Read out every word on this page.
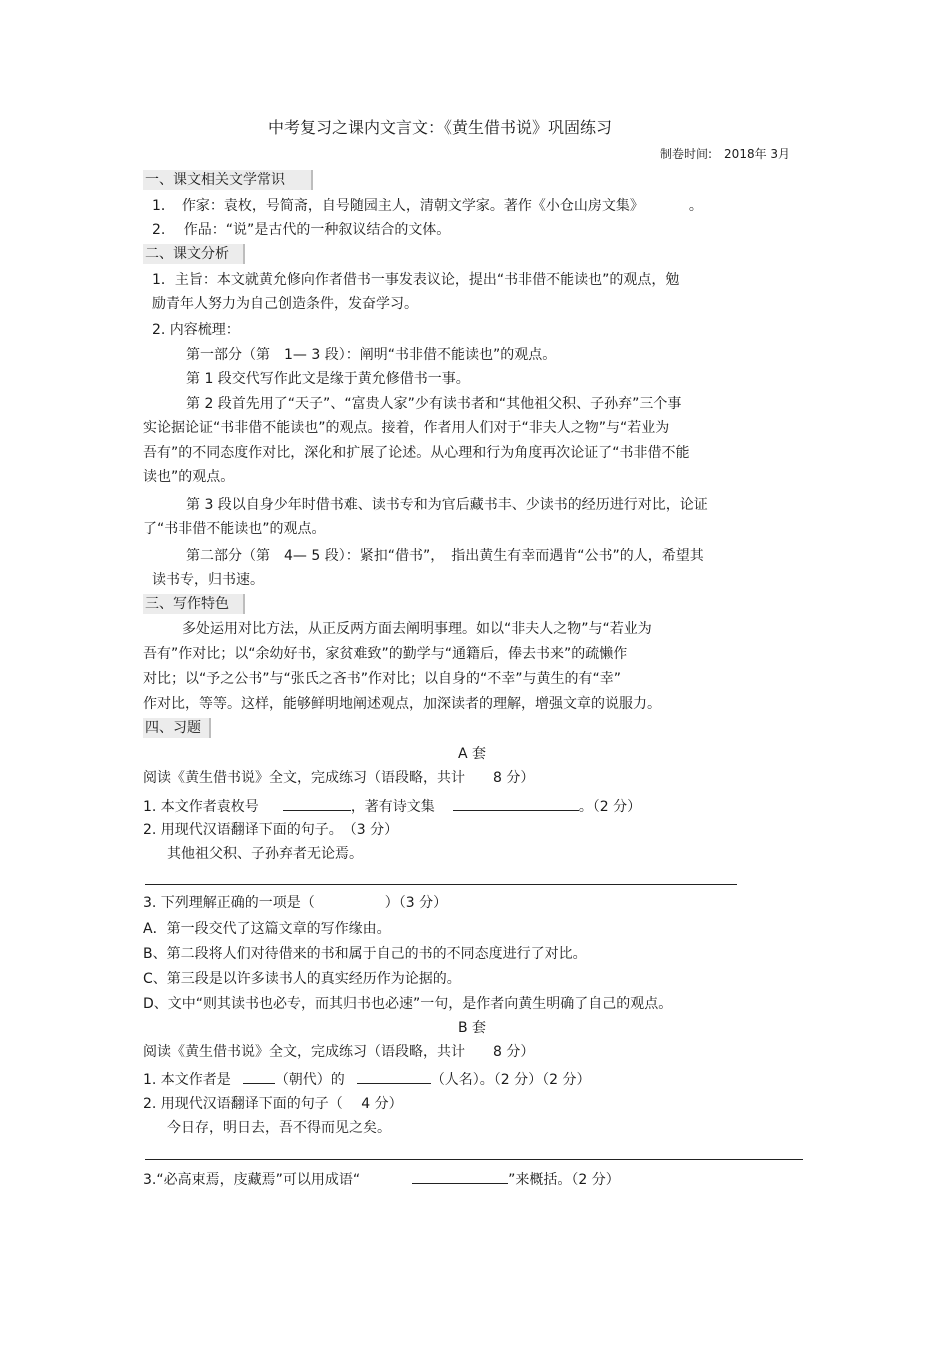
中考复习之课内文言文：《黄生借书说》巩固练习
制卷时间:　2018年 3月
一、课文相关文学常识
1．　作家：袁枚，号简斋，自号随园主人，清朝文学家。著作《小仓山房文集》	。
2.　 作品：“说”是古代的一种叙议结合的文体。
二、课文分析
1．主旨：本文就黄允修向作者借书一事发表议论，提出“书非借不能读也”的观点，勉
励青年人努力为自己创造条件，发奋学习。
2. 内容梳理：
第一部分（第　1— 3 段）：阐明“书非借不能读也”的观点。
第 1 段交代写作此文是缘于黄允修借书一事。
第 2 段首先用了“天子”、“富贵人家”少有读书者和“其他祖父积、子孙弃”三个事
实论据论证“书非借不能读也”的观点。接着，作者用人们对于“非夫人之物”与“若业为
吾有”的不同态度作对比，深化和扩展了论述。从心理和行为角度再次论证了“书非借不能
读也”的观点。
第 3 段以自身少年时借书难、读书专和为官后藏书丰、少读书的经历进行对比，论证
了“书非借不能读也”的观点。
第二部分（第　4— 5 段）：紧扣“借书”，　指出黄生有幸而遇肯“公书”的人，希望其
读书专，归书速。
三、写作特色
多处运用对比方法，从正反两方面去阐明事理。如以“非夫人之物”与“若业为
吾有”作对比；以“余幼好书，家贫难致”的勤学与“通籍后，俸去书来”的疏懒作
对比；以“予之公书”与“张氏之吝书”作对比；以自身的“不幸”与黄生的有“幸”
作对比，等等。这样，能够鲜明地阐述观点，加深读者的理解，增强文章的说服力。
四、习题
A 套
阅读《黄生借书说》全文，完成练习（语段略，共计　　8 分）
1. 本文作者袁枚号	，著有诗文集	。（2 分）
2. 用现代汉语翻译下面的句子。　（3 分）
其他祖父积、子孙弃者无论焉。
3. 下列理解正确的一项是（　　　　　）（3 分）
A．第一段交代了这篇文章的写作缘由。
B、第二段将人们对待借来的书和属于自己的书的不同态度进行了对比。
C、第三段是以许多读书人的真实经历作为论据的。
D、文中“则其读书也必专，而其归书也必速”一句，是作者向黄生明确了自己的观点。
B 套
阅读《黄生借书说》全文，完成练习（语段略，共计　　8 分）
1. 本文作者是	（朝代）的	（人名）。（2 分）（2 分）
2. 用现代汉语翻译下面的句子（　 4 分）
今日存，明日去，吾不得而见之矣。
3.“必高束焉，庋藏焉”可以用成语“	”来概括。（2 分）
